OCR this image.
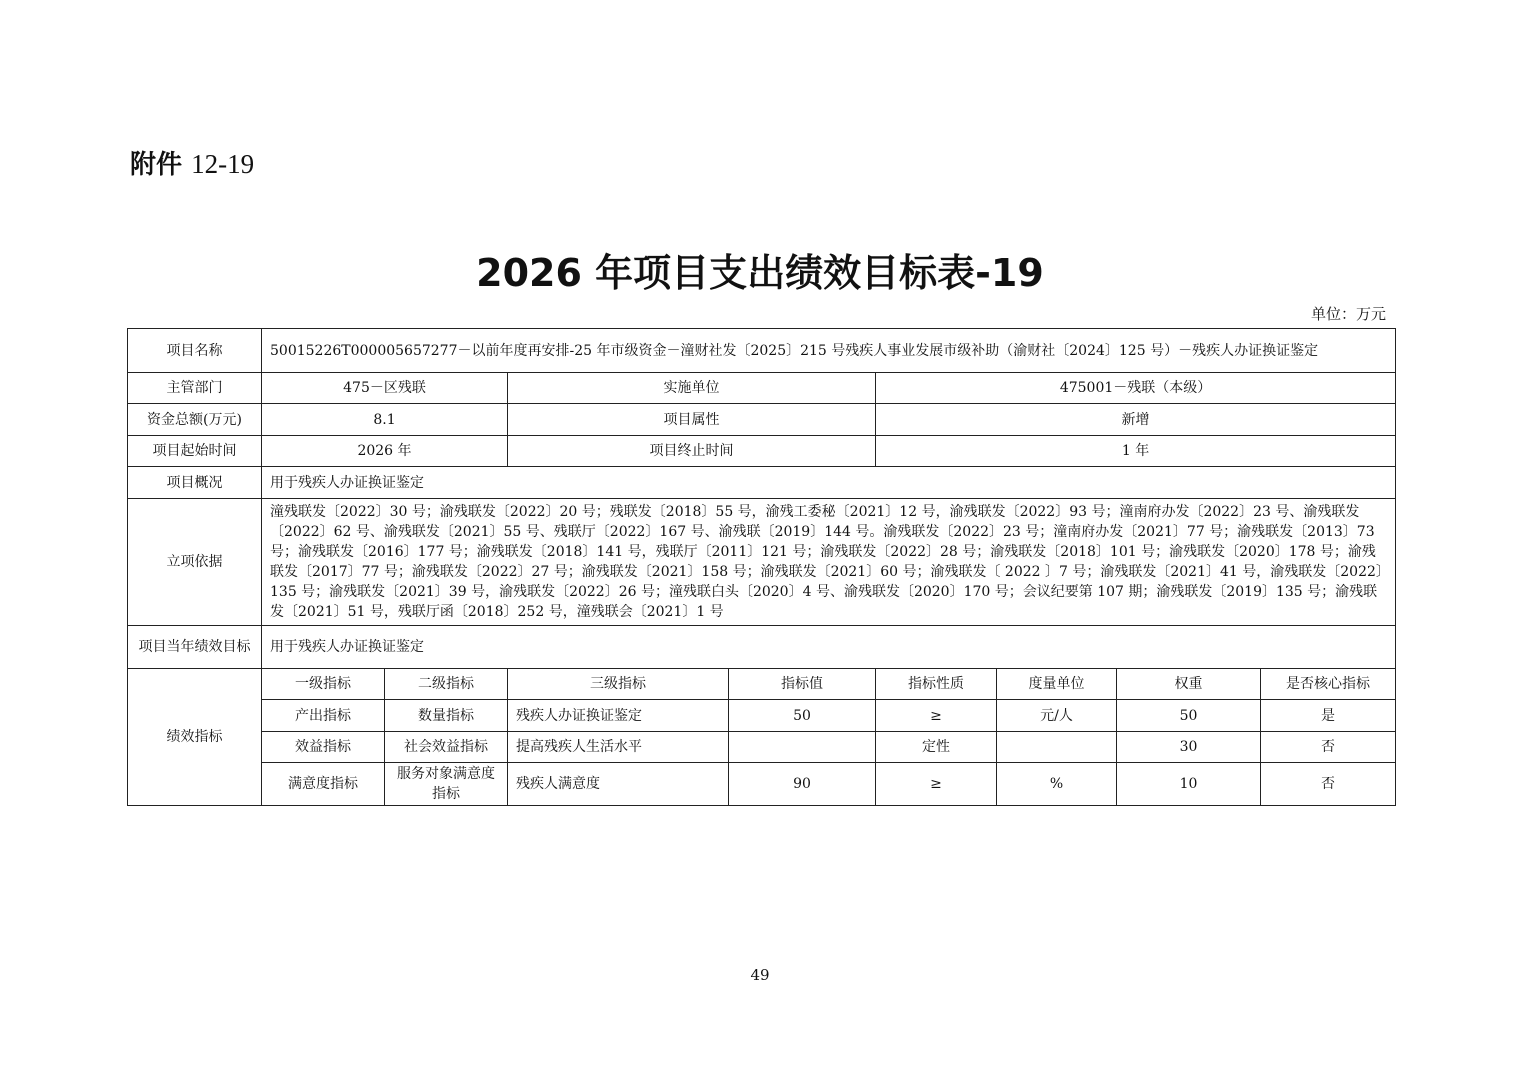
附件 12-19
2026 年项目支出绩效目标表-19
单位：万元
项目名称	50015226T000005657277－以前年度再安排-25 年市级资金－潼财社发〔2025〕215 号残疾人事业发展市级补助（渝财社〔2024〕125 号）－残疾人办证换证鉴定							
主管部门	475－区残联		实施单位		475001－残联（本级）			
资金总额(万元)	8.1		项目属性		新增			
项目起始时间	2026 年		项目终止时间		1 年			
项目概况	用于残疾人办证换证鉴定							
立项依据	潼残联发〔2022〕30 号；渝残联发〔2022〕20 号；残联发〔2018〕55 号，渝残工委秘〔2021〕12 号，渝残联发〔2022〕93 号；潼南府办发〔2022〕23 号、渝残联发〔2022〕62 号、渝残联发〔2021〕55 号、残联厅〔2022〕167 号、渝残联〔2019〕144 号。渝残联发〔2022〕23 号；潼南府办发〔2021〕77 号；渝残联发〔2013〕73 号；渝残联发〔2016〕177 号；渝残联发〔2018〕141 号，残联厅〔2011〕121 号；渝残联发〔2022〕28 号；渝残联发〔2018〕101 号；渝残联发〔2020〕178 号；渝残联发〔2017〕77 号；渝残联发〔2022〕27 号；渝残联发〔2021〕158 号；渝残联发〔2021〕60 号；渝残联发〔 2022 〕7 号；渝残联发〔2021〕41 号，渝残联发〔2022〕135 号；渝残联发〔2021〕39 号，渝残联发〔2022〕26 号；潼残联白头〔2020〕4 号、渝残联发〔2020〕170 号；会议纪要第 107 期；渝残联发〔2019〕135 号；渝残联发〔2021〕51 号，残联厅函〔2018〕252 号，潼残联会〔2021〕1 号							
项目当年绩效目标	用于残疾人办证换证鉴定							
绩效指标	一级指标	二级指标	三级指标	指标值	指标性质	度量单位	权重	是否核心指标
	产出指标	数量指标	残疾人办证换证鉴定	50	≥	元/人	50	是
	效益指标	社会效益指标	提高残疾人生活水平		定性		30	否
	满意度指标	服务对象满意度指标	残疾人满意度	90	≥	%	10	否
49
